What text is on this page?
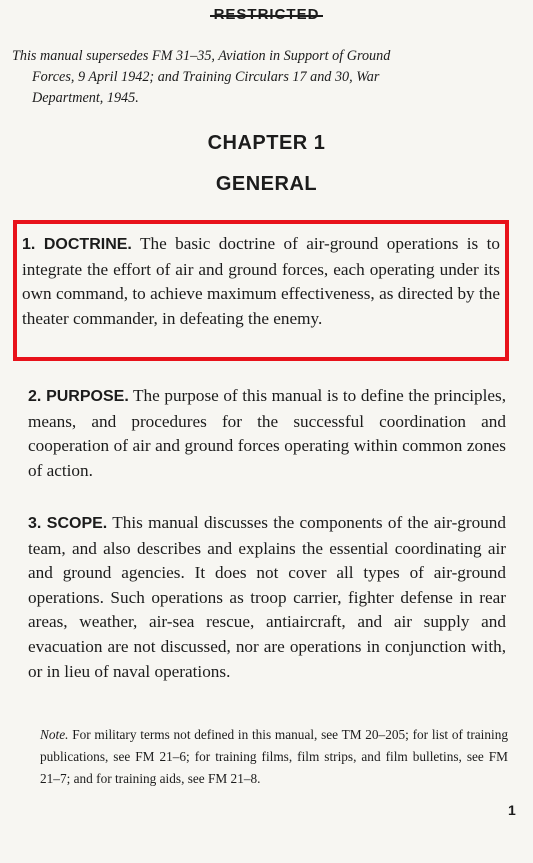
RESTRICTED
This manual supersedes FM 31–35, Aviation in Support of Ground
Forces, 9 April 1942; and Training Circulars 17 and 30, War
Department, 1945.
CHAPTER 1
GENERAL
1. DOCTRINE. The basic doctrine of air-ground operations is to integrate the effort of air and ground forces, each operating under its own command, to achieve maximum effectiveness, as directed by the theater commander, in defeating the enemy.
2. PURPOSE. The purpose of this manual is to define the principles, means, and procedures for the successful coordination and cooperation of air and ground forces operating within common zones of action.
3. SCOPE. This manual discusses the components of the air-ground team, and also describes and explains the essential coordinating air and ground agencies. It does not cover all types of air-ground operations. Such operations as troop carrier, fighter defense in rear areas, weather, air-sea rescue, antiaircraft, and air supply and evacuation are not discussed, nor are operations in conjunction with, or in lieu of naval operations.
Note. For military terms not defined in this manual, see TM 20–205; for list of training publications, see FM 21–6; for training films, film strips, and film bulletins, see FM 21–7; and for training aids, see FM 21–8.
1
